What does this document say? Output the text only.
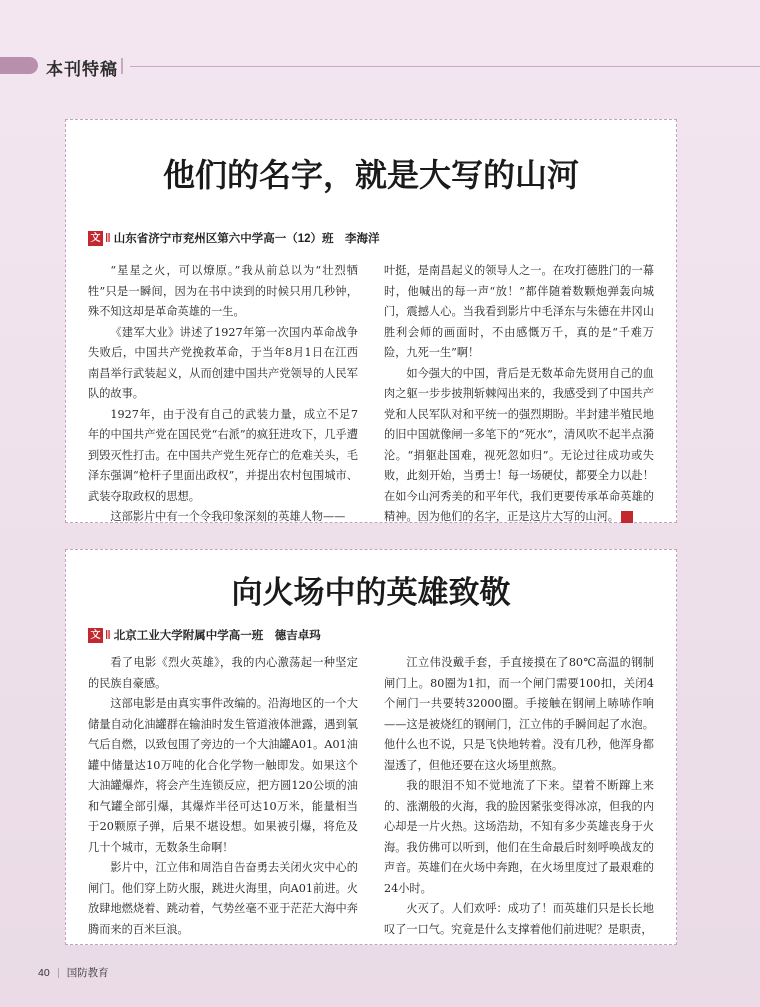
本刊特稿
他们的名字，就是大写的山河
文 ‖ 山东省济宁市兖州区第六中学高一（12）班　李海洋

“星星之火，可以燎原。”我从前总以为“壮烈牺牲”只是一瞬间，因为在书中读到的时候只用几秒钟，殊不知这却是革命英雄的一生。

《建军大业》讲述了1927年第一次国内革命战争失败后，中国共产党挽救革命，于当年8月1日在江西南昌举行武装起义，从而创建中国共产党领导的人民军队的故事。

1927年，由于没有自己的武装力量，成立不足7年的中国共产党在国民党“右派”的疯狂进攻下，几乎遭到毁灭性打击。在中国共产党生死存亡的危难关头，毛泽东强调“枪杆子里面出政权”，并提出农村包围城市、武装夺取政权的思想。

这部影片中有一个令我印象深刻的英雄人物——

叶挺，是南昌起义的领导人之一。在攻打德胜门的一幕时，他喊出的每一声“放！”都伴随着数颗炮弹轰向城门，震撼人心。当我看到影片中毛泽东与朱德在井冈山胜利会师的画面时，不由感慨万千，真的是“千难万险，九死一生”啊！

如今强大的中国，背后是无数革命先贤用自己的血肉之躯一步步披荆斩棘闯出来的，我感受到了中国共产党和人民军队对和平统一的强烈期盼。半封建半殖民地的旧中国就像闸一多笔下的“死水”，清风吹不起半点漪沦。“捐躯赴国难，视死忽如归”。无论过往成功或失败，此刻开始，当勇士！每一场硬仗，都要全力以赴！在如今山河秀美的和平年代，我们更要传承革命英雄的精神。因为他们的名字，正是这片大写的山河。	G

向火场中的英雄致敬
文 ‖ 北京工业大学附属中学高一班　德吉卓玛

看了电影《烈火英雄》，我的内心激荡起一种坚定的民族自豪感。

这部电影是由真实事件改编的。沿海地区的一个大储量自动化油罐群在输油时发生管道液体泄露，遇到氧气后自燃，以致包围了旁边的一个大油罐A01。A01油罐中储量达10万吨的化合化学物一触即发。如果这个大油罐爆炸，将会产生连锁反应，把方圆120公顷的油和气罐全部引爆，其爆炸半径可达10万米，能量相当于20颗原子弹，后果不堪设想。如果被引爆，将危及几十个城市，无数条生命啊！

影片中，江立伟和周浩自告奋勇去关闭火灾中心的闸门。他们穿上防火服，跳进火海里，向A01前进。火放肆地燃烧着、跳动着，气势丝毫不亚于茫茫大海中奔腾而来的百米巨浪。

江立伟没戴手套，手直接摸在了80℃高温的钢制闸门上。80圈为1扣，而一个闸门需要100扣，关闭4个闸门一共要转32000圈。手接触在钢闸上哧哧作响——这是被烧红的钢闸门，江立伟的手瞬间起了水泡。他什么也不说，只是飞快地转着。没有几秒，他浑身都湿透了，但他还要在这火场里煎熬。

我的眼泪不知不觉地流了下来。望着不断蹿上来的、涨潮般的火海，我的脸因紧张变得冰凉，但我的内心却是一片火热。这场浩劫，不知有多少英雄丧身于火海。我仿佛可以听到，他们在生命最后时刻呼唤战友的声音。英雄们在火场中奔跑，在火场里度过了最艰难的24小时。

火灭了。人们欢呼：成功了！而英雄们只是长长地叹了一口气。究竟是什么支撑着他们前进呢？是职责，

40 国防教育
